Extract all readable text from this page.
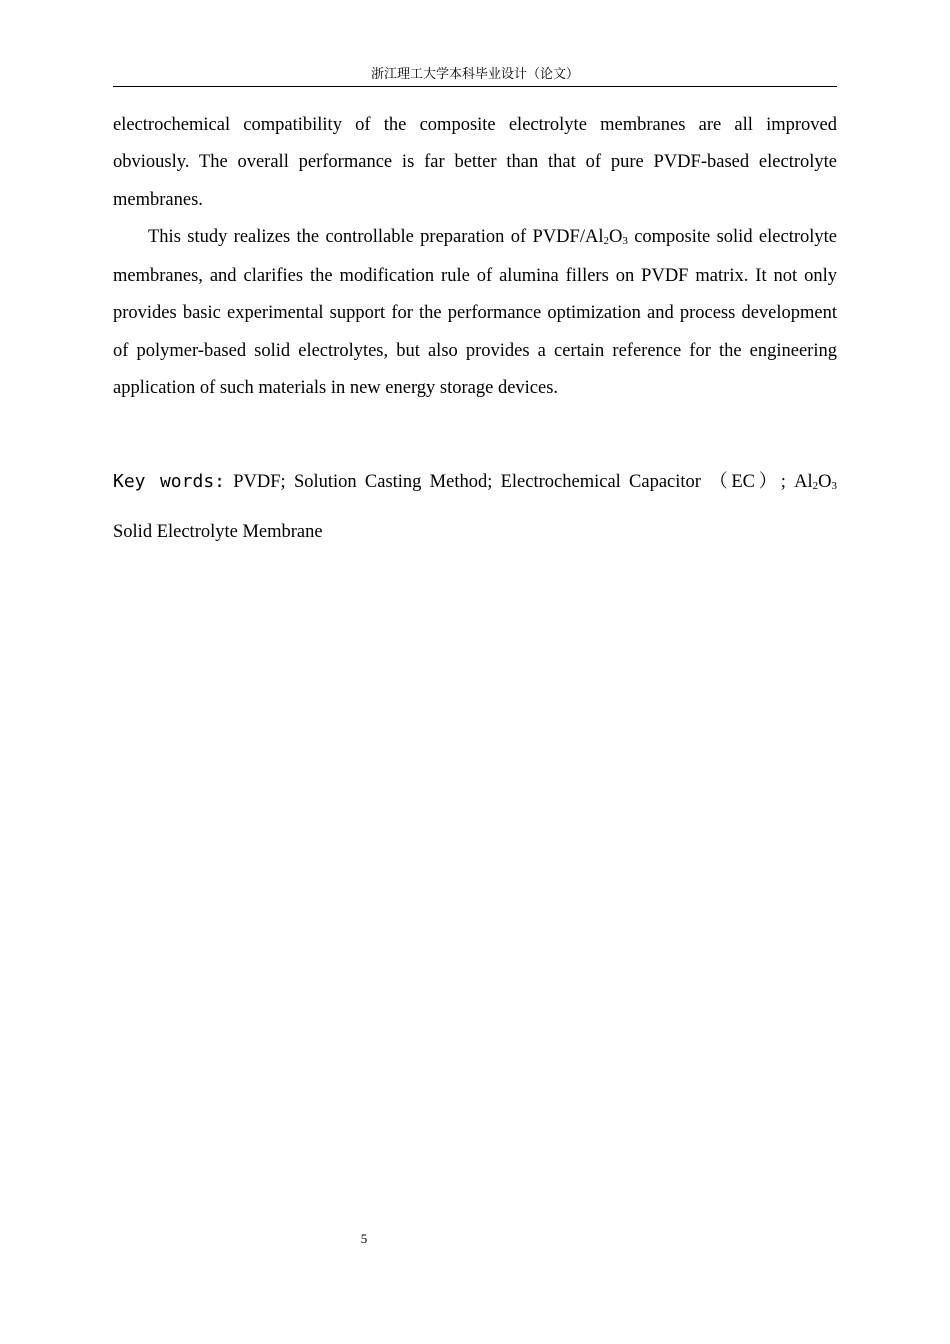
浙江理工大学本科毕业设计（论文）

electrochemical compatibility of the composite electrolyte membranes are all improved obviously. The overall performance is far better than that of pure PVDF-based electrolyte membranes.

This study realizes the controllable preparation of PVDF/Al2O3 composite solid electrolyte membranes, and clarifies the modification rule of alumina fillers on PVDF matrix. It not only provides basic experimental support for the performance optimization and process development of polymer-based solid electrolytes, but also provides a certain reference for the engineering application of such materials in new energy storage devices.

Key words: PVDF; Solution Casting Method; Electrochemical Capacitor （EC）; Al2O3 Solid Electrolyte Membrane
5
